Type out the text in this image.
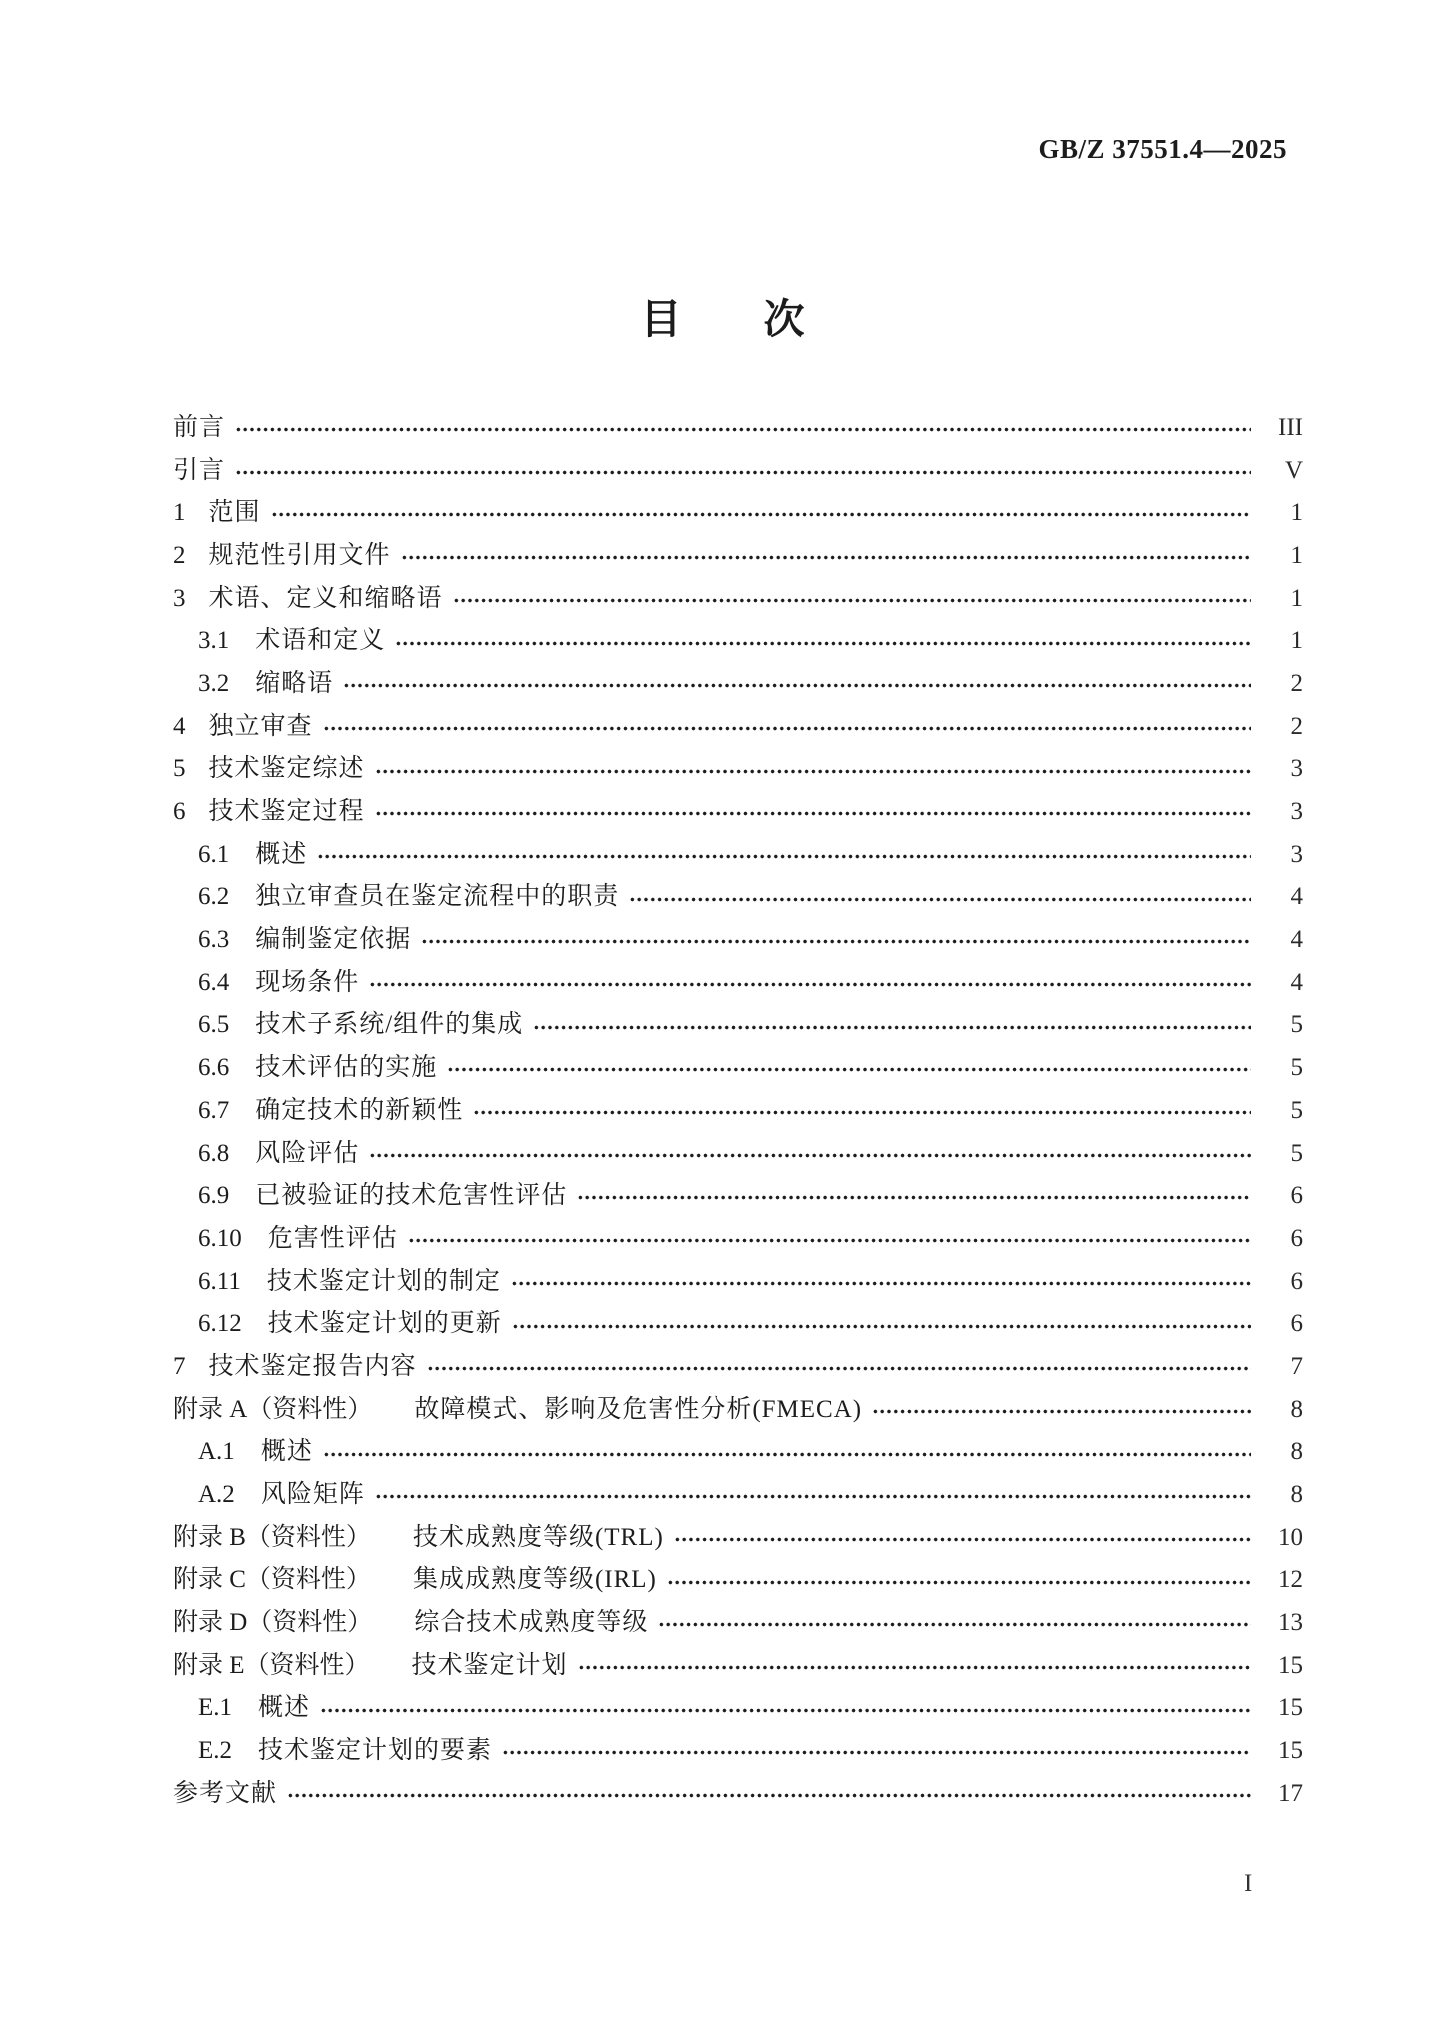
GB/Z 37551.4—2025
目　　次
前言	III
引言	V
1 范围	1
2 规范性引用文件	1
3 术语、定义和缩略语	1
3.1 术语和定义	1
3.2 缩略语	2
4 独立审查	2
5 技术鉴定综述	3
6 技术鉴定过程	3
6.1 概述	3
6.2 独立审查员在鉴定流程中的职责	4
6.3 编制鉴定依据	4
6.4 现场条件	4
6.5 技术子系统/组件的集成	5
6.6 技术评估的实施	5
6.7 确定技术的新颖性	5
6.8 风险评估	5
6.9 已被验证的技术危害性评估	6
6.10 危害性评估	6
6.11 技术鉴定计划的制定	6
6.12 技术鉴定计划的更新	6
7 技术鉴定报告内容	7
附录 A（资料性） 故障模式、影响及危害性分析(FMECA)	8
A.1 概述	8
A.2 风险矩阵	8
附录 B（资料性） 技术成熟度等级(TRL)	10
附录 C（资料性） 集成成熟度等级(IRL)	12
附录 D（资料性） 综合技术成熟度等级	13
附录 E（资料性） 技术鉴定计划	15
E.1 概述	15
E.2 技术鉴定计划的要素	15
参考文献	17
I
